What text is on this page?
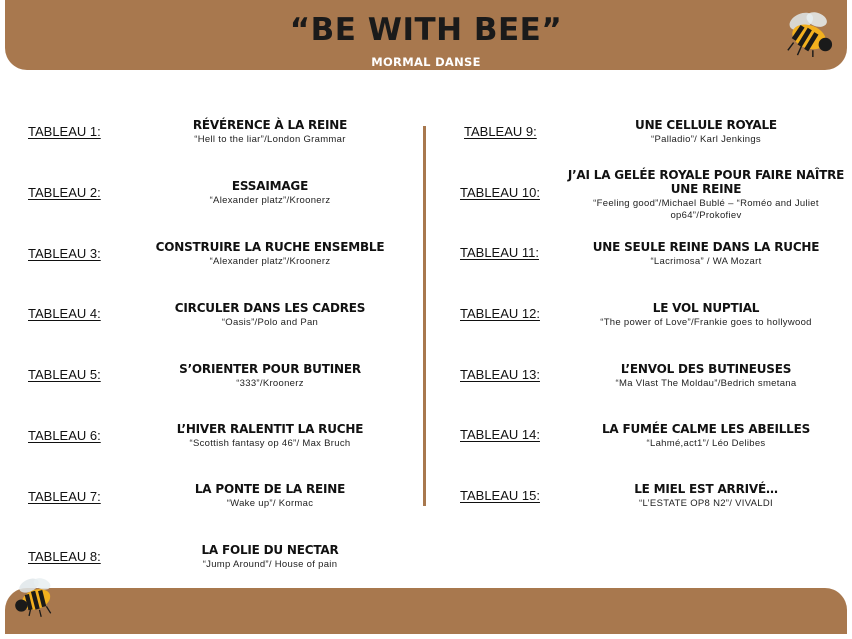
“BE WITH BEE”
MORMAL DANSE
TABLEAU 1:	RÉVÉRENCE À LA REINE
“Hell to the liar”/London Grammar
TABLEAU 2:	ESSAIMAGE
“Alexander platz”/Kroonerz
TABLEAU 3:	CONSTRUIRE LA RUCHE ENSEMBLE
“Alexander platz”/Kroonerz
TABLEAU 4:	CIRCULER DANS LES CADRES
“Oasis”/Polo and Pan
TABLEAU 5:	S’ORIENTER POUR BUTINER
“333”/Kroonerz
TABLEAU 6:	L’HIVER RALENTIT LA RUCHE
“Scottish fantasy op 46”/ Max Bruch
TABLEAU 7:	LA PONTE DE LA REINE
“Wake up”/ Kormac
TABLEAU 8:	LA FOLIE DU NECTAR
“Jump Around”/ House of pain
TABLEAU 9:	UNE CELLULE ROYALE
“Palladio”/ Karl Jenkings
TABLEAU 10:
J’AI LA GELÉE ROYALE POUR FAIRE NAÎTRE UNE REINE
“Feeling good”/Michael Bublé – “Roméo and Juliet op64”/Prokofiev
TABLEAU 11:	UNE SEULE REINE DANS LA RUCHE
“Lacrimosa” / WA Mozart
TABLEAU 12:	LE VOL NUPTIAL
“The power of Love”/Frankie goes to hollywood
TABLEAU 13:	L’ENVOL DES BUTINEUSES
“Ma Vlast The Moldau”/Bedrich smetana
TABLEAU 14:	LA FUMÉE CALME LES ABEILLES
“Lahmé,act1”/ Léo Delibes
TABLEAU 15:	LE MIEL EST ARRIVÉ…
“L’ESTATE OP8 N2”/ VIVALDI
